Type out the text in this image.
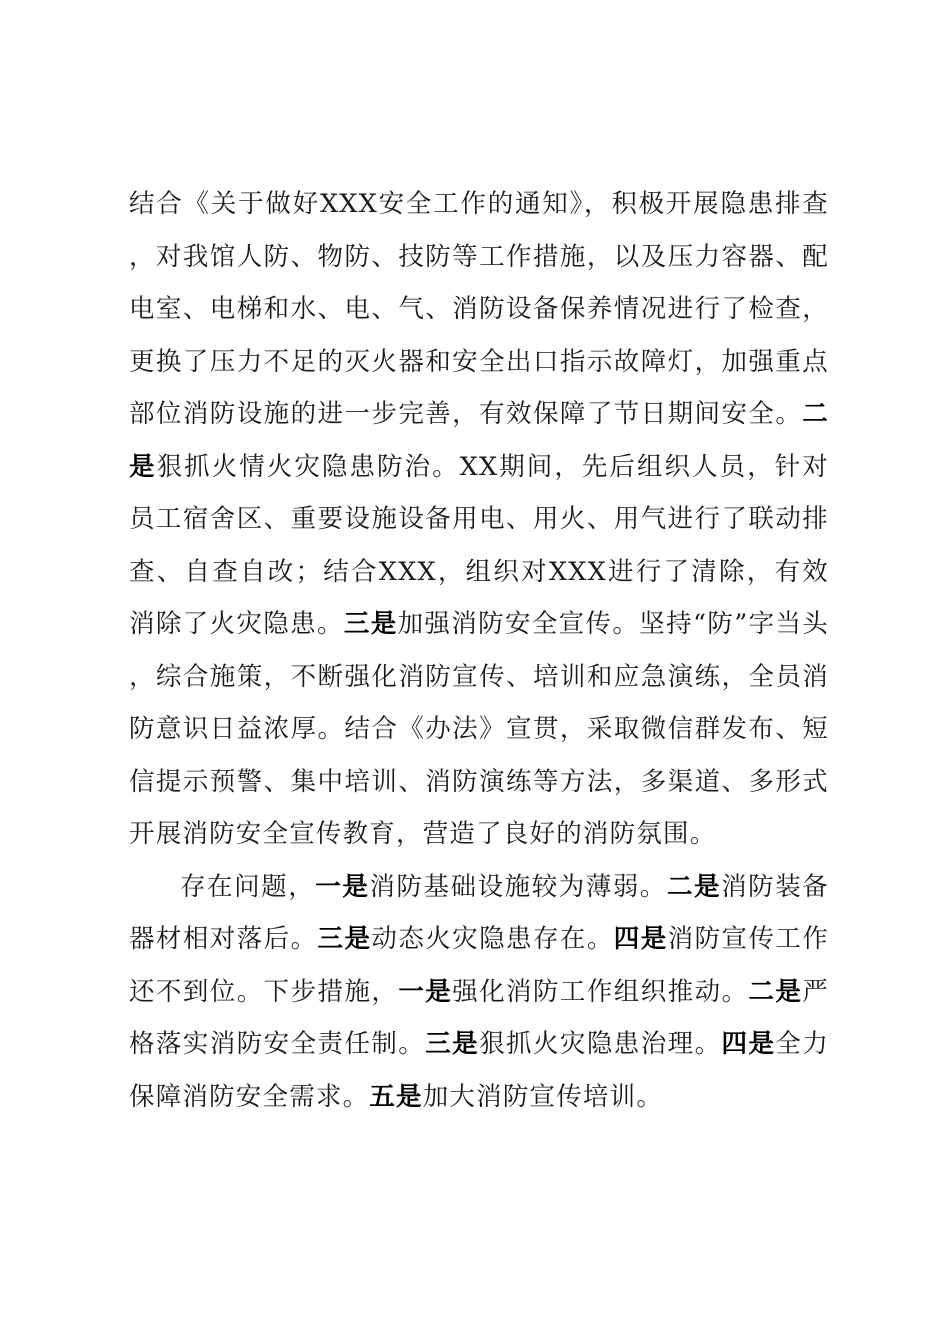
结合《关于做好XXX安全工作的通知》，积极开展隐患排查，对我馆人防、物防、技防等工作措施，以及压力容器、配电室、电梯和水、电、气、消防设备保养情况进行了检查，更换了压力不足的灭火器和安全出口指示故障灯，加强重点部位消防设施的进一步完善，有效保障了节日期间安全。二是狠抓火情火灾隐患防治。XX期间，先后组织人员，针对员工宿舍区、重要设施设备用电、用火、用气进行了联动排查、自查自改；结合XXX，组织对XXX进行了清除，有效消除了火灾隐患。三是加强消防安全宣传。坚持“防”字当头，综合施策，不断强化消防宣传、培训和应急演练，全员消防意识日益浓厚。结合《办法》宣贯，采取微信群发布、短信提示预警、集中培训、消防演练等方法，多渠道、多形式开展消防安全宣传教育，营造了良好的消防氛围。

存在问题，一是消防基础设施较为薄弱。二是消防装备器材相对落后。三是动态火灾隐患存在。四是消防宣传工作还不到位。下步措施，一是强化消防工作组织推动。二是严格落实消防安全责任制。三是狠抓火灾隐患治理。四是全力保障消防安全需求。五是加大消防宣传培训。
